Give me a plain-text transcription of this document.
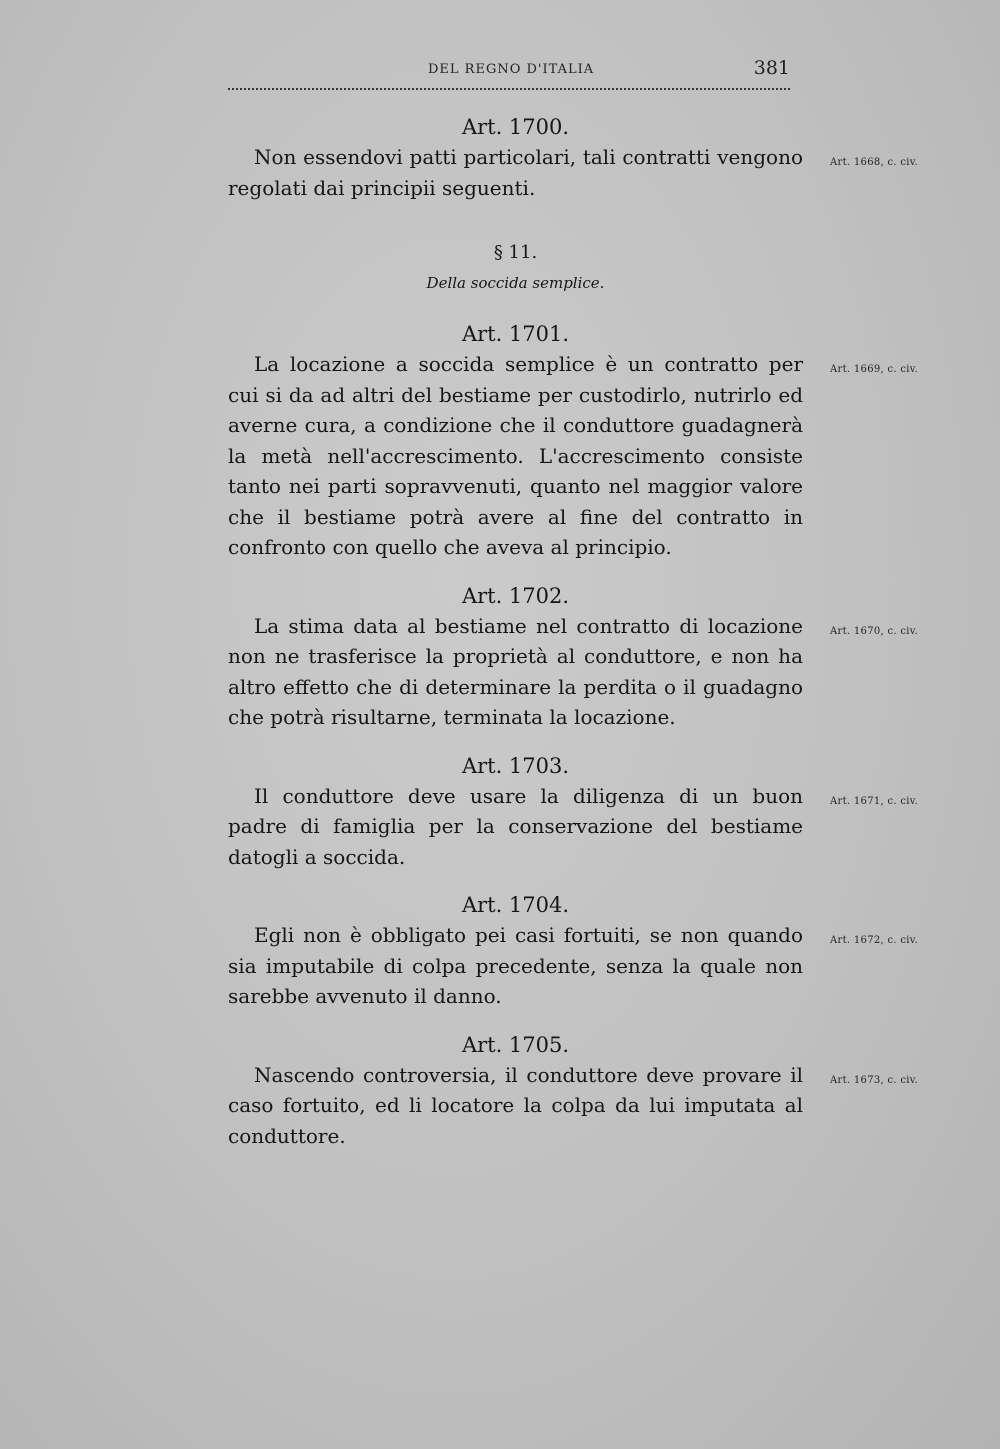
DEL REGNO D'ITALIA	381

Art. 1700.

Non essendovi patti particolari, tali contratti vengono regolati dai principii seguenti.
Art. 1668, c. civ.

§ 11.
Della soccida semplice.

Art. 1701.

La locazione a soccida semplice è un contratto per cui si da ad altri del bestiame per custodirlo, nutrirlo ed averne cura, a condizione che il conduttore guadagnerà la metà nell'accrescimento. L'accrescimento consiste tanto nei parti sopravvenuti, quanto nel maggior valore che il bestiame potrà avere al fine del contratto in confronto con quello che aveva al principio.
Art. 1669, c. civ.

Art. 1702.

La stima data al bestiame nel contratto di locazione non ne trasferisce la proprietà al conduttore, e non ha altro effetto che di determinare la perdita o il guadagno che potrà risultarne, terminata la locazione.
Art. 1670, c. civ.

Art. 1703.

Il conduttore deve usare la diligenza di un buon padre di famiglia per la conservazione del bestiame datogli a soccida.
Art. 1671, c. civ.

Art. 1704.

Egli non è obbligato pei casi fortuiti, se non quando sia imputabile di colpa precedente, senza la quale non sarebbe avvenuto il danno.
Art. 1672, c. civ.

Art. 1705.

Nascendo controversia, il conduttore deve provare il caso fortuito, ed li locatore la colpa da lui imputata al conduttore.
Art. 1673, c. civ.
